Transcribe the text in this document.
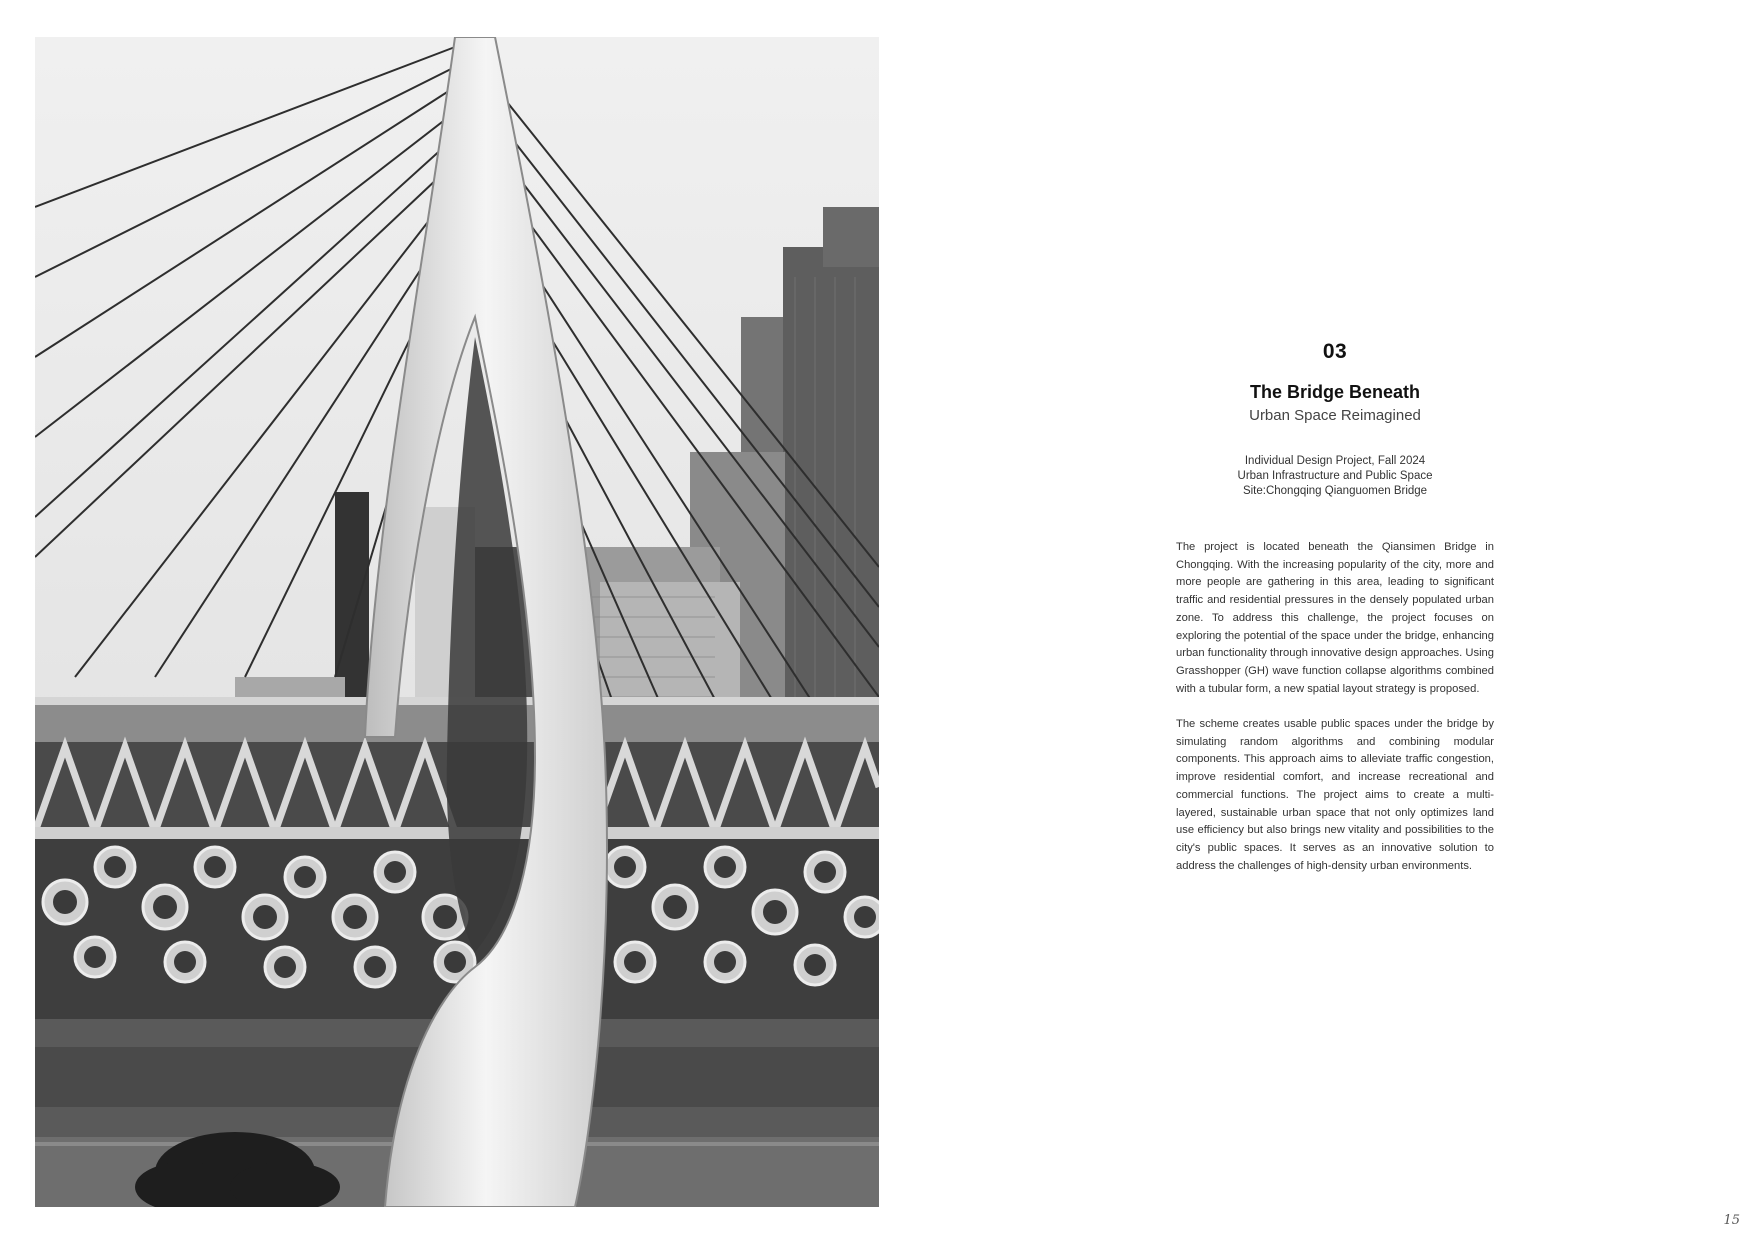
03

The Bridge Beneath

Urban Space Reimagined

Individual Design Project, Fall 2024
Urban Infrastructure and Public Space
Site:Chongqing Qianguomen Bridge

The project is located beneath the Qiansimen Bridge in Chongqing. With the increasing popularity of the city, more and more people are gathering in this area, leading to significant traffic and residential pressures in the densely populated urban zone. To address this challenge, the project focuses on exploring the potential of the space under the bridge, enhancing urban functionality through innovative design approaches. Using Grasshopper (GH) wave function collapse algorithms combined with a tubular form, a new spatial layout strategy is proposed.

The scheme creates usable public spaces under the bridge by simulating random algorithms and combining modular components. This approach aims to alleviate traffic congestion, improve residential comfort, and increase recreational and commercial functions. The project aims to create a multi-layered, sustainable urban space that not only optimizes land use efficiency but also brings new vitality and possibilities to the city's public spaces. It serves as an innovative solution to address the challenges of high-density urban environments.

15
